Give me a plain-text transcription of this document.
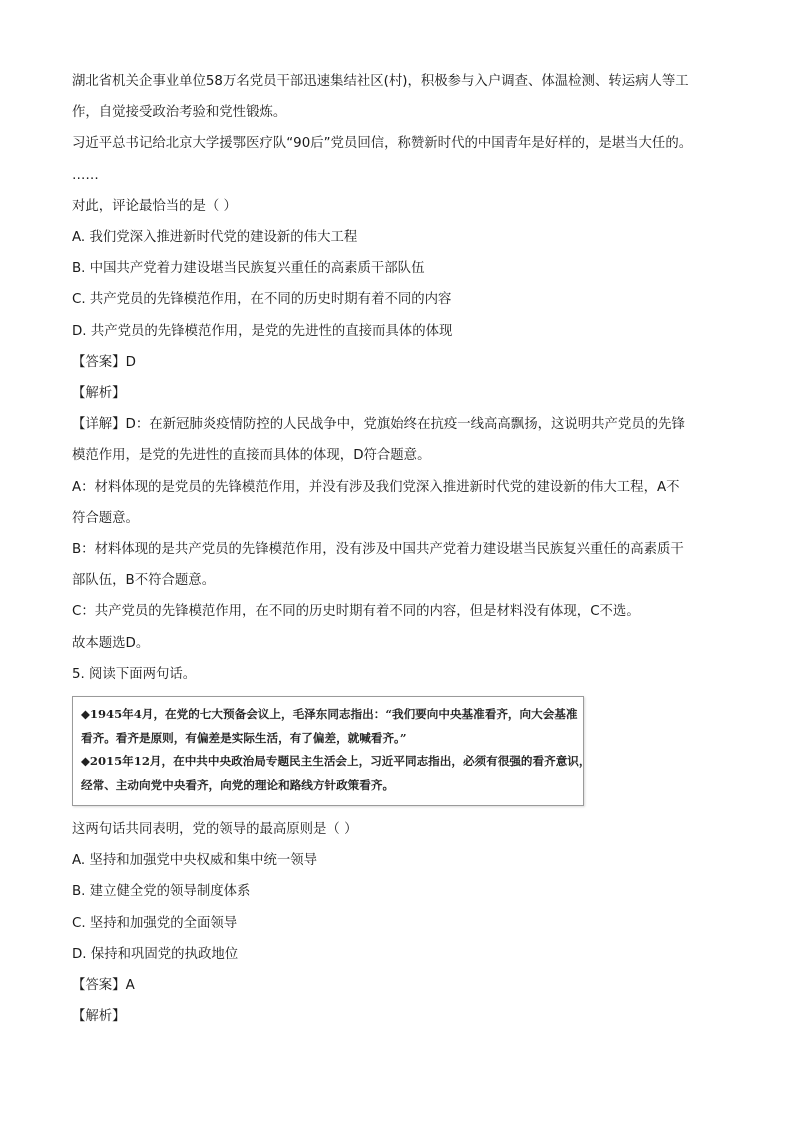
湖北省机关企事业单位58万名党员干部迅速集结社区(村)，积极参与入户调查、体温检测、转运病人等工
作，自觉接受政治考验和党性锻炼。
习近平总书记给北京大学援鄂医疗队“90后”党员回信，称赞新时代的中国青年是好样的，是堪当大任的。
……
对此，评论最恰当的是（ ）
A. 我们党深入推进新时代党的建设新的伟大工程
B. 中国共产党着力建设堪当民族复兴重任的高素质干部队伍
C. 共产党员的先锋模范作用，在不同的历史时期有着不同的内容
D. 共产党员的先锋模范作用，是党的先进性的直接而具体的体现
【答案】D
【解析】
【详解】D：在新冠肺炎疫情防控的人民战争中，党旗始终在抗疫一线高高飘扬，这说明共产党员的先锋
模范作用，是党的先进性的直接而具体的体现，D符合题意。
A：材料体现的是党员的先锋模范作用，并没有涉及我们党深入推进新时代党的建设新的伟大工程，A不
符合题意。
B：材料体现的是共产党员的先锋模范作用，没有涉及中国共产党着力建设堪当民族复兴重任的高素质干
部队伍，B不符合题意。
C：共产党员的先锋模范作用，在不同的历史时期有着不同的内容，但是材料没有体现，C不选。
故本题选D。
5. 阅读下面两句话。
◆1945年4月，在党的七大预备会议上，毛泽东同志指出：“我们要向中央基准看齐，向大会基准
看齐。看齐是原则，有偏差是实际生活，有了偏差，就喊看齐。”
◆2015年12月，在中共中央政治局专题民主生活会上，习近平同志指出，必须有很强的看齐意识，
经常、主动向党中央看齐，向党的理论和路线方针政策看齐。
这两句话共同表明，党的领导的最高原则是（ ）
A. 坚持和加强党中央权威和集中统一领导
B. 建立健全党的领导制度体系
C. 坚持和加强党的全面领导
D. 保持和巩固党的执政地位
【答案】A
【解析】
